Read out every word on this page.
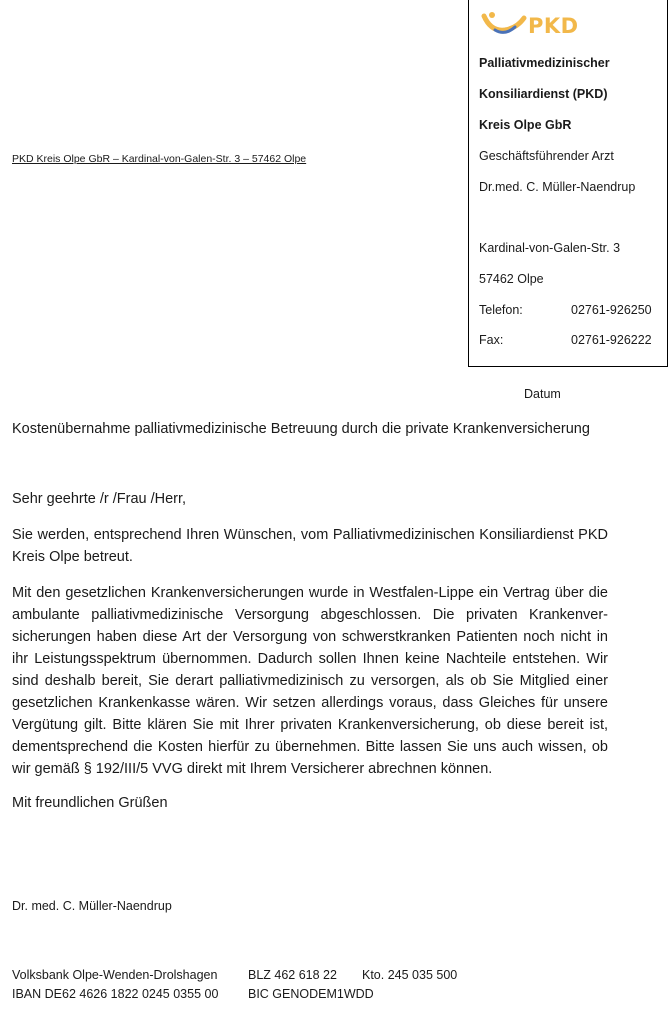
PKD Kreis Olpe GbR – Kardinal-von-Galen-Str. 3 – 57462 Olpe
PKD
Palliativmedizinischer
Konsiliardienst (PKD)
Kreis Olpe GbR
Geschäftsführender Arzt
Dr.med. C. Müller-Naendrup
Kardinal-von-Galen-Str. 3
57462 Olpe
Telefon:	02761-926250
Fax:	02761-926222
Datum
Kostenübernahme palliativmedizinische Betreuung durch die private Krankenversicherung
Sehr geehrte /r /Frau /Herr,
Sie werden, entsprechend Ihren Wünschen, vom Palliativmedizinischen Konsiliardienst PKD Kreis Olpe betreut.
Mit den gesetzlichen Krankenversicherungen wurde in Westfalen-Lippe ein Vertrag über die ambulante palliativmedizinische Versorgung abgeschlossen. Die privaten Krankenversicherungen haben diese Art der Versorgung von schwerstkranken Patienten noch nicht in ihr Leistungsspektrum übernommen. Dadurch sollen Ihnen keine Nachteile entstehen. Wir sind deshalb bereit, Sie derart palliativmedizinisch zu versorgen, als ob Sie Mitglied einer gesetzlichen Krankenkasse wären. Wir setzen allerdings voraus, dass Gleiches für unsere Vergütung gilt. Bitte klären Sie mit Ihrer privaten Krankenversicherung, ob diese bereit ist, dementsprechend die Kosten hierfür zu übernehmen. Bitte lassen Sie uns auch wissen, ob wir gemäß § 192/III/5 VVG direkt mit Ihrem Versicherer abrechnen können.
Mit freundlichen Grüßen
Dr. med. C. Müller-Naendrup
Volksbank Olpe-Wenden-Drolshagen BLZ 462 618 22 Kto. 245 035 500
IBAN DE62 4626 1822 0245 0355 00 BIC GENODEM1WDD
